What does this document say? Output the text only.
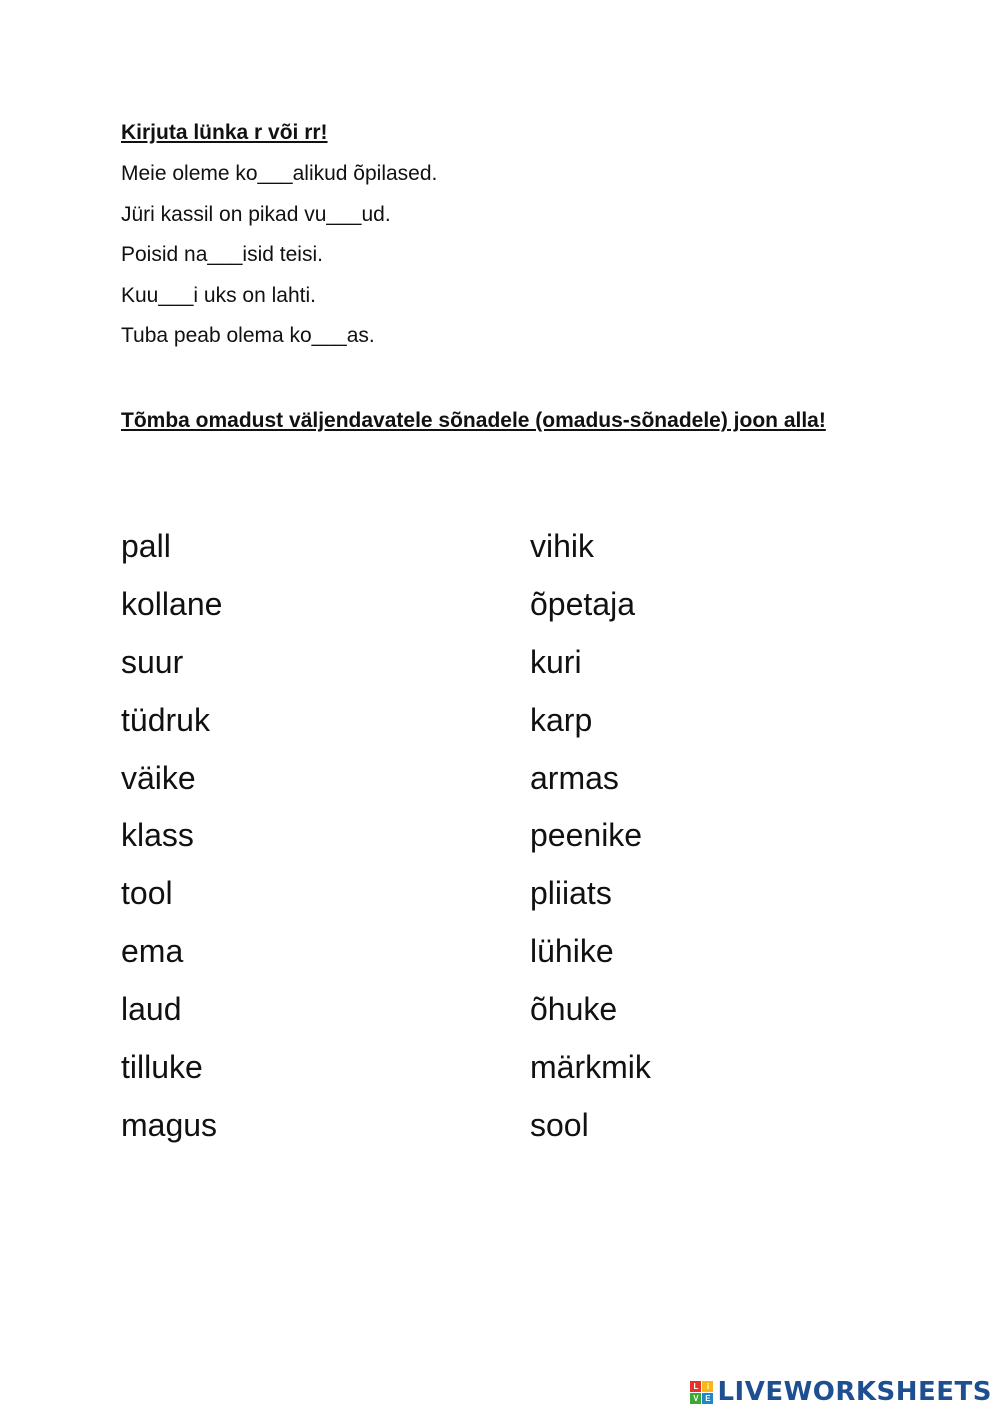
Kirjuta lünka r või rr!
Meie oleme ko___alikud õpilased.
Jüri kassil on pikad vu___ud.
Poisid na___isid teisi.
Kuu___i uks on lahti.
Tuba peab olema ko___as.
Tõmba omadust väljendavatele sõnadele (omadus-sõnadele) joon alla!
pall
kollane
suur
tüdruk
väike
klass
tool
ema
laud
tilluke
magus
vihik
õpetaja
kuri
karp
armas
peenike
pliiats
lühike
õhuke
märkmik
sool
L	i
V E LIVEWORKSHEETS
